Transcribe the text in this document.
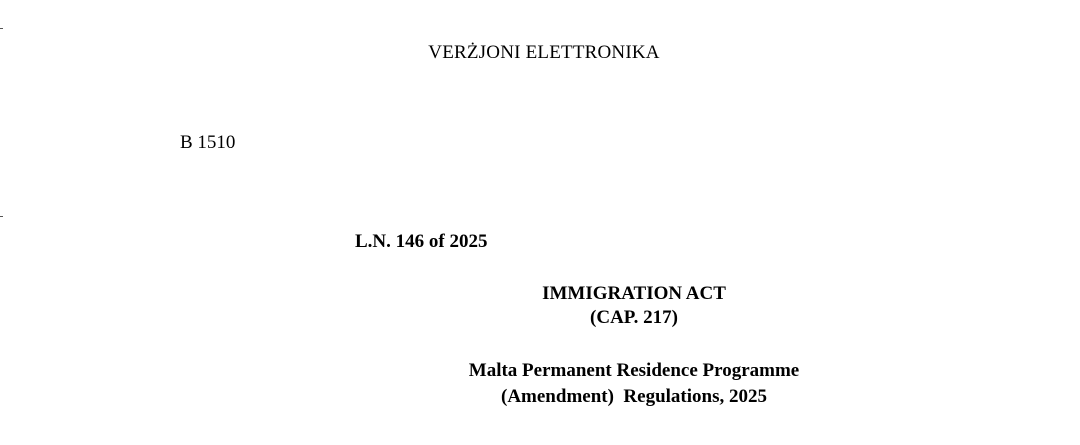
VERŻJONI ELETTRONIKA
B 1510
L.N. 146 of 2025
IMMIGRATION ACT
(CAP. 217)
Malta Permanent Residence Programme
(Amendment)  Regulations, 2025
